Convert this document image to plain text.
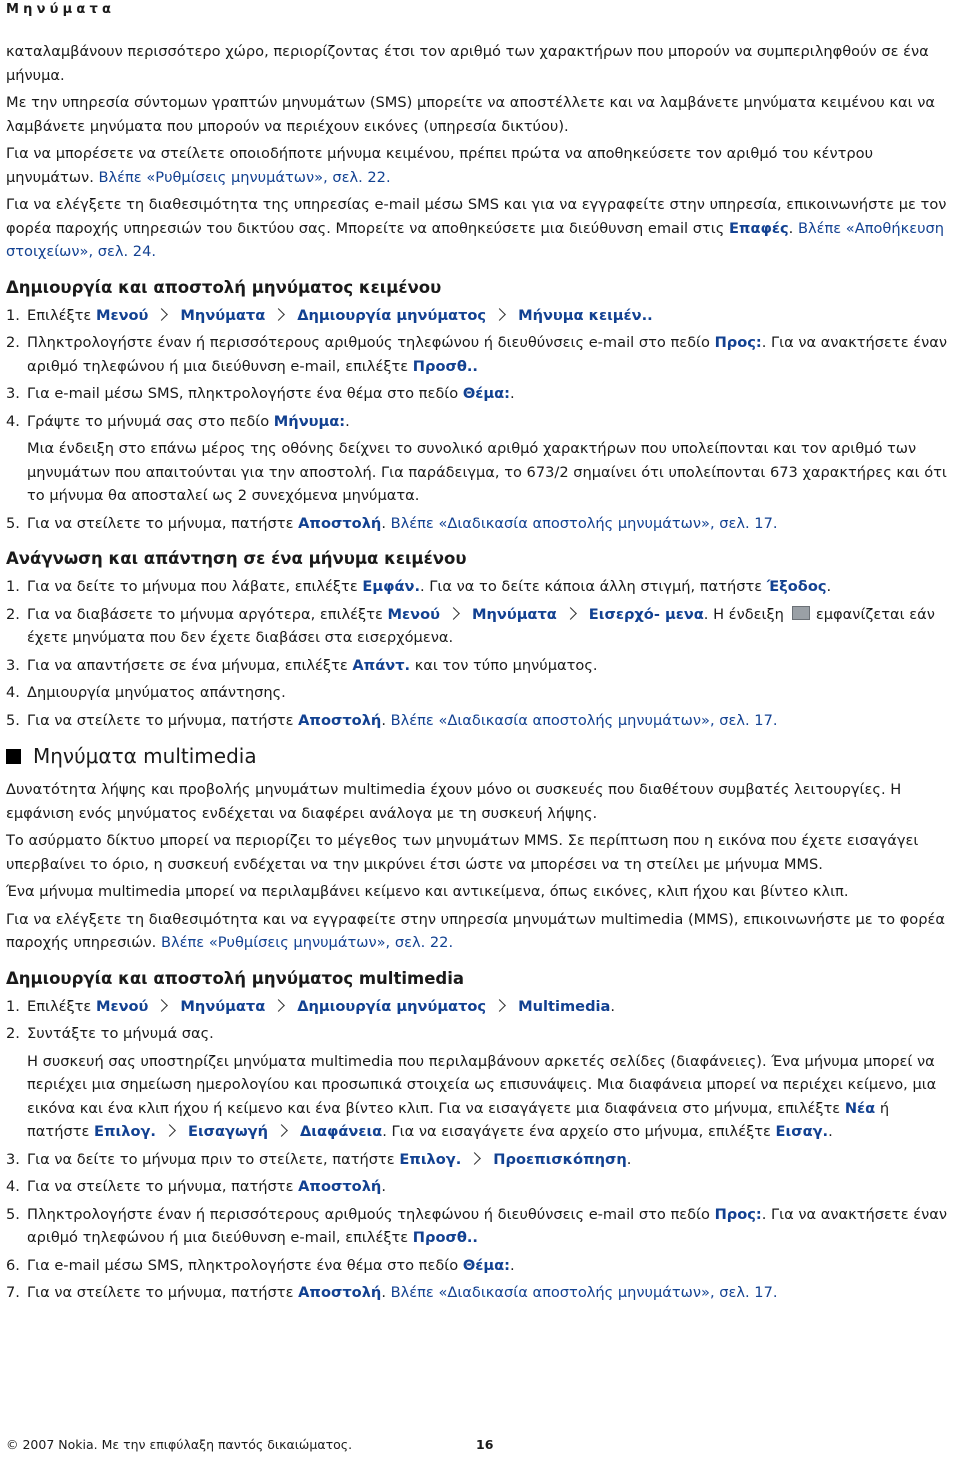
Μηνύματα

καταλαμβάνουν περισσότερο χώρο, περιορίζοντας έτσι τον αριθμό των χαρακτήρων που μπορούν να συμπεριληφθούν σε ένα μήνυμα.

Με την υπηρεσία σύντομων γραπτών μηνυμάτων (SMS) μπορείτε να αποστέλλετε και να λαμβάνετε μηνύματα κειμένου και να λαμβάνετε μηνύματα που μπορούν να περιέχουν εικόνες (υπηρεσία δικτύου).

Για να μπορέσετε να στείλετε οποιοδήποτε μήνυμα κειμένου, πρέπει πρώτα να αποθηκεύσετε τον αριθμό του κέντρου μηνυμάτων. Βλέπε «Ρυθμίσεις μηνυμάτων», σελ. 22.

Για να ελέγξετε τη διαθεσιμότητα της υπηρεσίας e-mail μέσω SMS και για να εγγραφείτε στην υπηρεσία, επικοινωνήστε με τον φορέα παροχής υπηρεσιών του δικτύου σας. Μπορείτε να αποθηκεύσετε μια διεύθυνση email στις Επαφές. Βλέπε «Αποθήκευση στοιχείων», σελ. 24.

Δημιουργία και αποστολή μηνύματος κειμένου
1. Επιλέξτε Μενού Μηνύματα Δημιουργία μηνύματος Μήνυμα κειμέν..
2. Πληκτρολογήστε έναν ή περισσότερους αριθμούς τηλεφώνου ή διευθύνσεις e-mail στο πεδίο Προς:. Για να ανακτήσετε έναν αριθμό τηλεφώνου ή μια διεύθυνση e-mail, επιλέξτε Προσθ..
3. Για e-mail μέσω SMS, πληκτρολογήστε ένα θέμα στο πεδίο Θέμα:.
4. Γράψτε το μήνυμά σας στο πεδίο Μήνυμα:.

Μια ένδειξη στο επάνω μέρος της οθόνης δείχνει το συνολικό αριθμό χαρακτήρων που υπολείπονται και τον αριθμό των μηνυμάτων που απαιτούνται για την αποστολή. Για παράδειγμα, το 673/2 σημαίνει ότι υπολείπονται 673 χαρακτήρες και ότι το μήνυμα θα αποσταλεί ως 2 συνεχόμενα μηνύματα.

5. Για να στείλετε το μήνυμα, πατήστε Αποστολή. Βλέπε «Διαδικασία αποστολής μηνυμάτων», σελ. 17.
Ανάγνωση και απάντηση σε ένα μήνυμα κειμένου
1. Για να δείτε το μήνυμα που λάβατε, επιλέξτε Εμφάν.. Για να το δείτε κάποια άλλη στιγμή, πατήστε Έξοδος.
2. Για να διαβάσετε το μήνυμα αργότερα, επιλέξτε Μενού Μηνύματα Εισερχό- μενα. Η ένδειξη εμφανίζεται εάν έχετε μηνύματα που δεν έχετε διαβάσει στα εισερχόμενα.
3. Για να απαντήσετε σε ένα μήνυμα, επιλέξτε Απάντ. και τον τύπο μηνύματος.
4. Δημιουργία μηνύματος απάντησης.
5. Για να στείλετε το μήνυμα, πατήστε Αποστολή. Βλέπε «Διαδικασία αποστολής μηνυμάτων», σελ. 17.
Μηνύματα multimedia

Δυνατότητα λήψης και προβολής μηνυμάτων multimedia έχουν μόνο οι συσκευές που διαθέτουν συμβατές λειτουργίες. Η εμφάνιση ενός μηνύματος ενδέχεται να διαφέρει ανάλογα με τη συσκευή λήψης.

Το ασύρματο δίκτυο μπορεί να περιορίζει το μέγεθος των μηνυμάτων MMS. Σε περίπτωση που η εικόνα που έχετε εισαγάγει υπερβαίνει το όριο, η συσκευή ενδέχεται να την μικρύνει έτσι ώστε να μπορέσει να τη στείλει με μήνυμα MMS.

Ένα μήνυμα multimedia μπορεί να περιλαμβάνει κείμενο και αντικείμενα, όπως εικόνες, κλιπ ήχου και βίντεο κλιπ.

Για να ελέγξετε τη διαθεσιμότητα και να εγγραφείτε στην υπηρεσία μηνυμάτων multimedia (MMS), επικοινωνήστε με το φορέα παροχής υπηρεσιών. Βλέπε «Ρυθμίσεις μηνυμάτων», σελ. 22.

Δημιουργία και αποστολή μηνύματος multimedia
1. Επιλέξτε Μενού Μηνύματα Δημιουργία μηνύματος Multimedia.
2. Συντάξτε το μήνυμά σας.

Η συσκευή σας υποστηρίζει μηνύματα multimedia που περιλαμβάνουν αρκετές σελίδες (διαφάνειες). Ένα μήνυμα μπορεί να περιέχει μια σημείωση ημερολογίου και προσωπικά στοιχεία ως επισυνάψεις. Μια διαφάνεια μπορεί να περιέχει κείμενο, μια εικόνα και ένα κλιπ ήχου ή κείμενο και ένα βίντεο κλιπ. Για να εισαγάγετε μια διαφάνεια στο μήνυμα, επιλέξτε Νέα ή πατήστε Επιλογ. Εισαγωγή Διαφάνεια. Για να εισαγάγετε ένα αρχείο στο μήνυμα, επιλέξτε Εισαγ..

3. Για να δείτε το μήνυμα πριν το στείλετε, πατήστε Επιλογ. Προεπισκόπηση.
4. Για να στείλετε το μήνυμα, πατήστε Αποστολή.
5. Πληκτρολογήστε έναν ή περισσότερους αριθμούς τηλεφώνου ή διευθύνσεις e-mail στο πεδίο Προς:. Για να ανακτήσετε έναν αριθμό τηλεφώνου ή μια διεύθυνση e-mail, επιλέξτε Προσθ..
6. Για e-mail μέσω SMS, πληκτρολογήστε ένα θέμα στο πεδίο Θέμα:.
7. Για να στείλετε το μήνυμα, πατήστε Αποστολή. Βλέπε «Διαδικασία αποστολής μηνυμάτων», σελ. 17.
© 2007 Nokia. Με την επιφύλαξη παντός δικαιώματος.	16
